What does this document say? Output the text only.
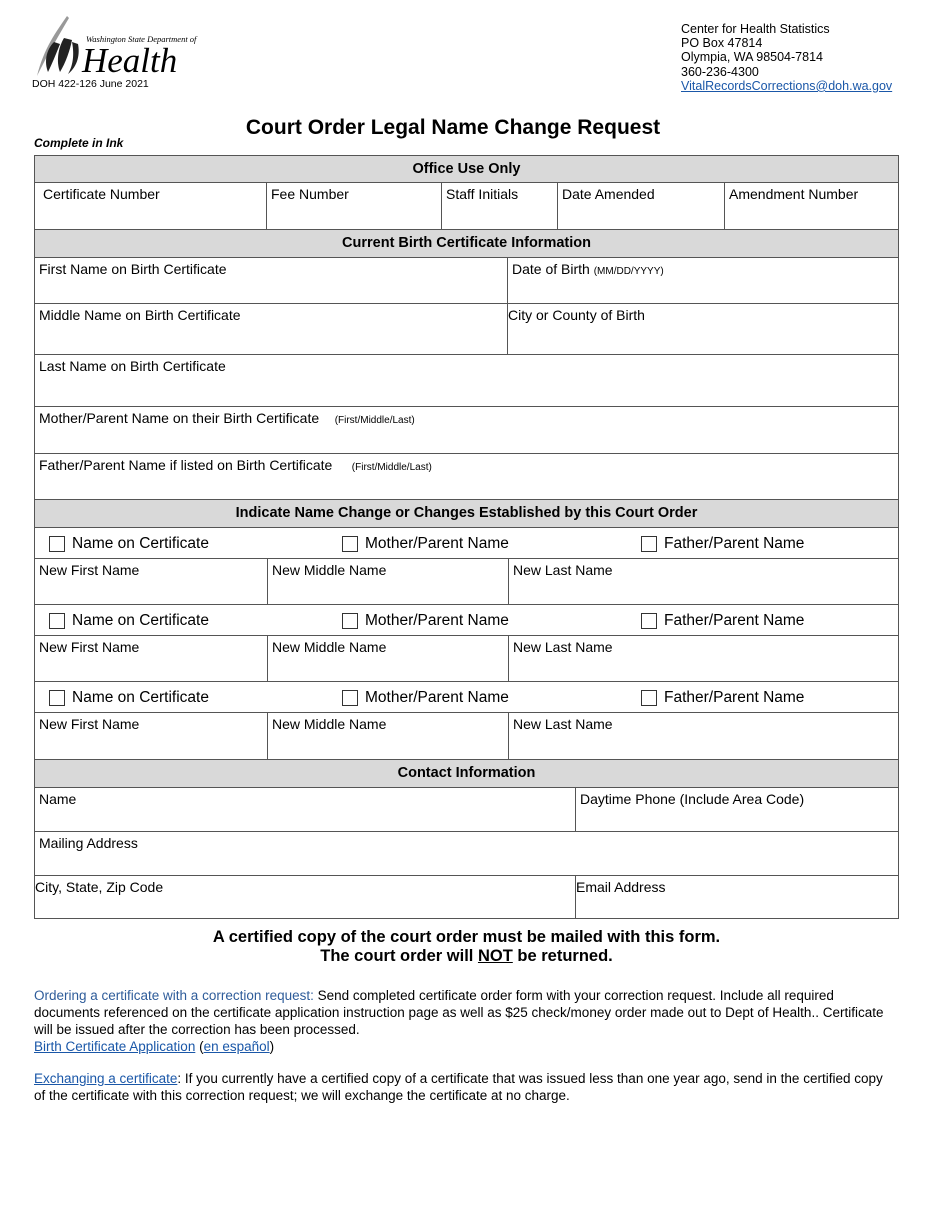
Washington State Department of
Health
DOH 422-126 June 2021
Center for Health Statistics
PO Box 47814
Olympia, WA 98504-7814
360-236-4300
VitalRecordsCorrections@doh.wa.gov
Complete in Ink
Court Order Legal Name Change Request
Office Use Only
Certificate Number	Fee Number	Staff Initials	Date Amended	Amendment Number
Current Birth Certificate Information
First Name on Birth Certificate	Date of Birth (MM/DD/YYYY)
Middle Name on Birth Certificate	City or County of Birth
Last Name on Birth Certificate
Mother/Parent Name on their Birth Certificate (First/Middle/Last)
Father/Parent Name if listed on Birth Certificate (First/Middle/Last)
Indicate Name Change or Changes Established by this Court Order
Name on Certificate	Mother/Parent Name	Father/Parent Name
New First Name	New Middle Name	New Last Name
Name on Certificate	Mother/Parent Name	Father/Parent Name
New First Name	New Middle Name	New Last Name
Name on Certificate	Mother/Parent Name	Father/Parent Name
New First Name	New Middle Name	New Last Name
Contact Information
Name	Daytime Phone (Include Area Code)
Mailing Address
City, State, Zip Code	Email Address
A certified copy of the court order must be mailed with this form.
The court order will NOT be returned.
Ordering a certificate with a correction request: Send completed certificate order form with your correction request. Include all required documents referenced on the certificate application instruction page as well as $25 check/money order made out to Dept of Health.. Certificate will be issued after the correction has been processed.
Birth Certificate Application (en español)
Exchanging a certificate: If you currently have a certified copy of a certificate that was issued less than one year ago, send in the certified copy of the certificate with this correction request; we will exchange the certificate at no charge.
